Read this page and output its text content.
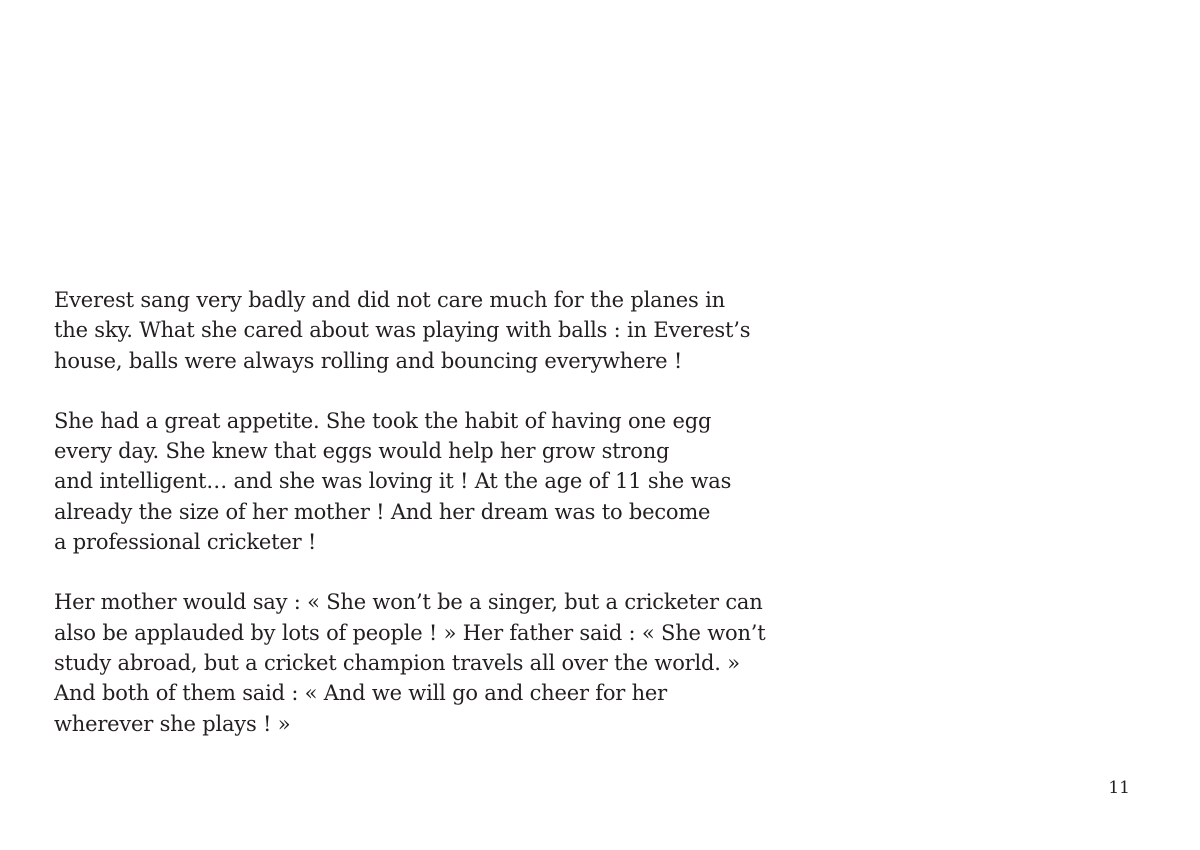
Everest sang very badly and did not care much for the planes in
the sky. What she cared about was playing with balls : in Everest’s
house, balls were always rolling and bouncing everywhere !

She had a great appetite. She took the habit of having one egg
every day. She knew that eggs would help her grow strong
and intelligent… and she was loving it ! At the age of 11 she was
already the size of her mother ! And her dream was to become
a professional cricketer !

Her mother would say : « She won’t be a singer, but a cricketer can
also be applauded by lots of people ! » Her father said : « She won’t
study abroad, but a cricket champion travels all over the world. »
And both of them said : « And we will go and cheer for her
wherever she plays ! »

11
